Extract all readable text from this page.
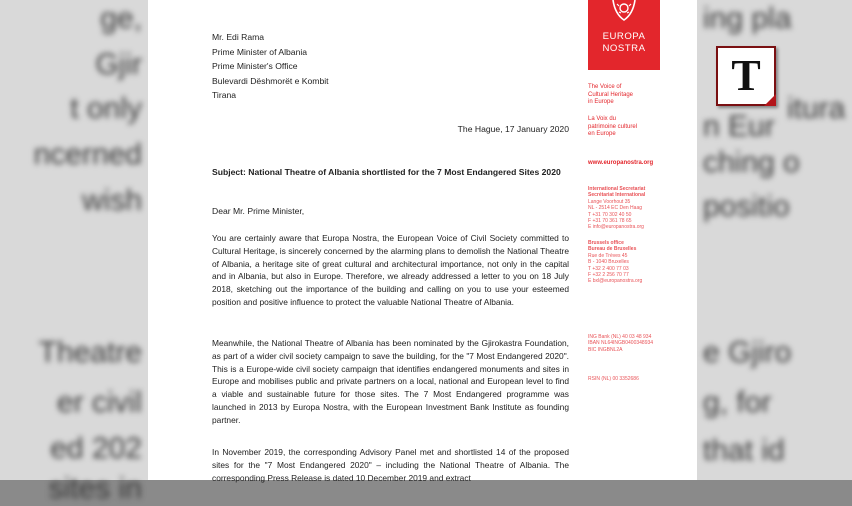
ge,
Gjir
t only
ncerned
wish
Theatre
er civil
ed 202
sites in
ing pla
n Eur
itura
ching o
positio
e Gjiro
g, for
that id
Mr. Edi Rama
Prime Minister of Albania
Prime Minister's Office
Bulevardi Dëshmorët e Kombit
Tirana
The Hague, 17 January 2020
Subject: National Theatre of Albania shortlisted for the 7 Most Endangered Sites 2020
Dear Mr. Prime Minister,
You are certainly aware that Europa Nostra, the European Voice of Civil Society committed to Cultural Heritage, is sincerely concerned by the alarming plans to demolish the National Theatre of Albania, a heritage site of great cultural and architectural importance, not only in the capital and in Albania, but also in Europe. Therefore, we already addressed a letter to you on 18 July 2018, sketching out the importance of the building and calling on you to use your esteemed position and positive influence to protect the valuable National Theatre of Albania.
Meanwhile, the National Theatre of Albania has been nominated by the Gjirokastra Foundation, as part of a wider civil society campaign to save the building, for the "7 Most Endangered 2020". This is a Europe-wide civil society campaign that identifies endangered monuments and sites in Europe and mobilises public and private partners on a local, national and European level to find a viable and sustainable future for those sites. The 7 Most Endangered programme was launched in 2013 by Europa Nostra, with the European Investment Bank Institute as founding partner.
In November 2019, the corresponding Advisory Panel met and shortlisted 14 of the proposed sites for the "7 Most Endangered 2020" – including the National Theatre of Albania. The corresponding Press Release is dated 10 December 2019 and extract
EUROPA
NOSTRA
The Voice of
Cultural Heritage
in Europe
La Voix du
patrimoine culturel
en Europe
www.europanostra.org
International Secretariat
Secrétariat International
Lange Voorhout 35
NL - 2514 EC Den Haag
T +31 70 302 40 50
F +31 70 361 78 65
E info@europanostra.org
Brussels office
Bureau de Bruxelles
Rue de Trèves 45
B - 1040 Bruxelles
T +32 2 400 77 03
F +32 2 256 70 77
E bxl@europanostra.org
ING Bank (NL) 40 03 48 934
IBAN NL64INGB0400348934
BIC INGBNL2A
RSIN (NL) 00 3352686
T
